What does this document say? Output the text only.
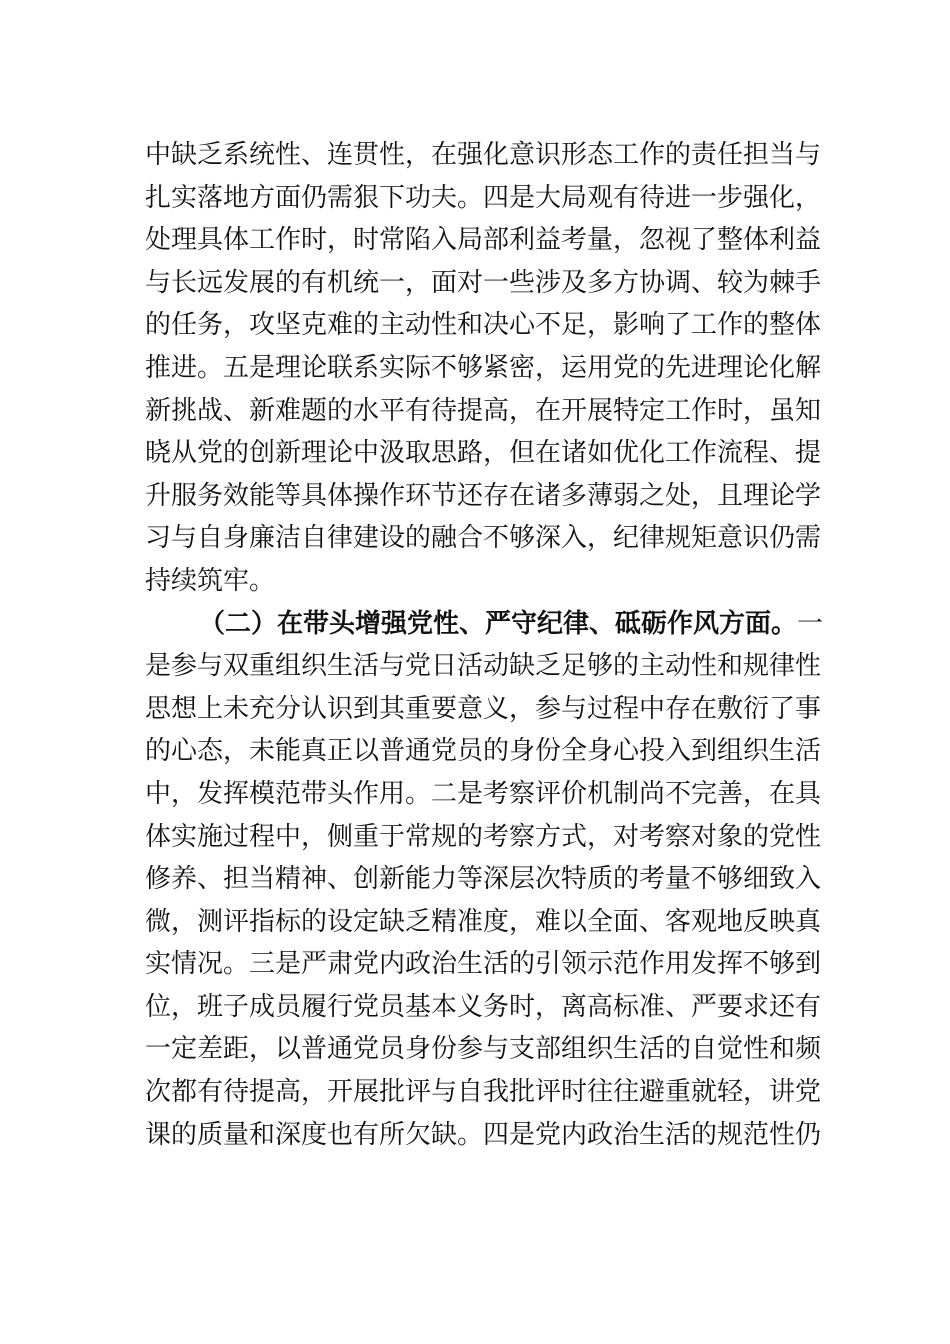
中缺乏系统性、连贯性，在强化意识形态工作的责任担当与
扎实落地方面仍需狠下功夫。四是大局观有待进一步强化，
处理具体工作时，时常陷入局部利益考量，忽视了整体利益
与长远发展的有机统一，面对一些涉及多方协调、较为棘手
的任务，攻坚克难的主动性和决心不足，影响了工作的整体
推进。五是理论联系实际不够紧密，运用党的先进理论化解
新挑战、新难题的水平有待提高，在开展特定工作时，虽知
晓从党的创新理论中汲取思路，但在诸如优化工作流程、提
升服务效能等具体操作环节还存在诸多薄弱之处，且理论学
习与自身廉洁自律建设的融合不够深入，纪律规矩意识仍需
持续筑牢。
（二）在带头增强党性、严守纪律、砥砺作风方面。一
是参与双重组织生活与党日活动缺乏足够的主动性和规律性
思想上未充分认识到其重要意义，参与过程中存在敷衍了事
的心态，未能真正以普通党员的身份全身心投入到组织生活
中，发挥模范带头作用。二是考察评价机制尚不完善，在具
体实施过程中，侧重于常规的考察方式，对考察对象的党性
修养、担当精神、创新能力等深层次特质的考量不够细致入
微，测评指标的设定缺乏精准度，难以全面、客观地反映真
实情况。三是严肃党内政治生活的引领示范作用发挥不够到
位，班子成员履行党员基本义务时，离高标准、严要求还有
一定差距，以普通党员身份参与支部组织生活的自觉性和频
次都有待提高，开展批评与自我批评时往往避重就轻，讲党
课的质量和深度也有所欠缺。四是党内政治生活的规范性仍
